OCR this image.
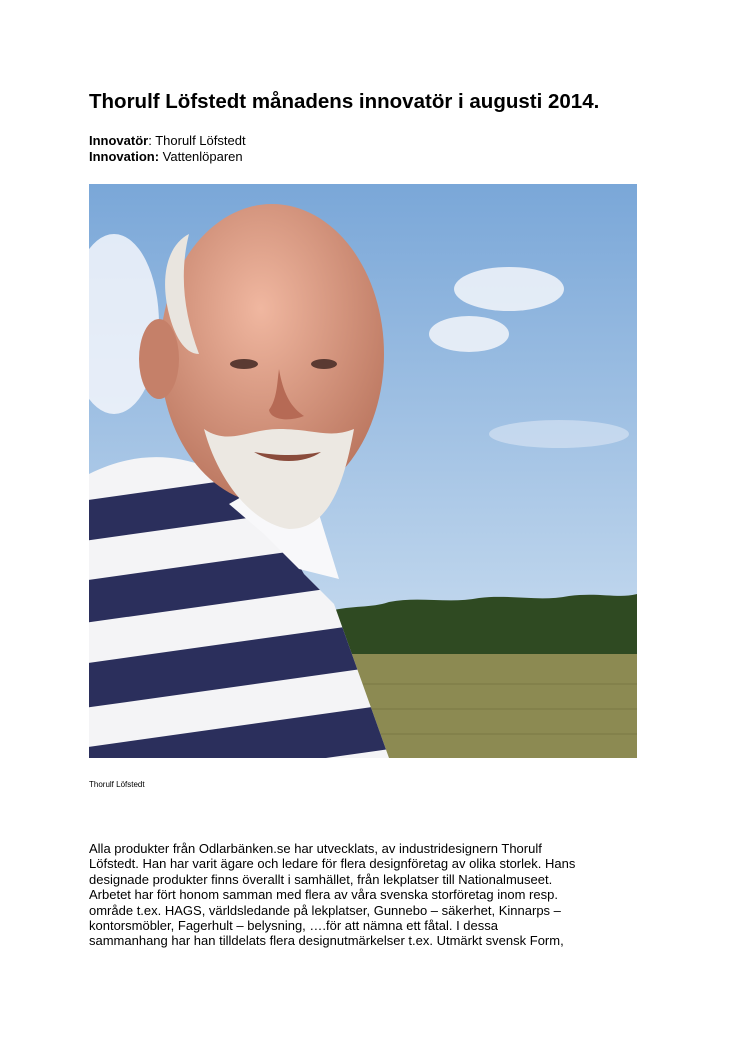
Thorulf Löfstedt månadens innovatör i augusti 2014.
Innovatör: Thorulf Löfstedt
Innovation: Vattenlöparen
Thorulf Löfstedt

Alla produkter från Odlarbänken.se har utvecklats, av industridesignern Thorulf
Löfstedt. Han har varit ägare och ledare för flera designföretag av olika storlek. Hans
designade produkter finns överallt i samhället, från lekplatser till Nationalmuseet.
Arbetet har fört honom samman med flera av våra svenska storföretag inom resp.
område t.ex. HAGS, världsledande på lekplatser, Gunnebo – säkerhet, Kinnarps –
kontorsmöbler, Fagerhult – belysning, ….för att nämna ett fåtal. I dessa
sammanhang har han tilldelats flera designutmärkelser t.ex. Utmärkt svensk Form,
